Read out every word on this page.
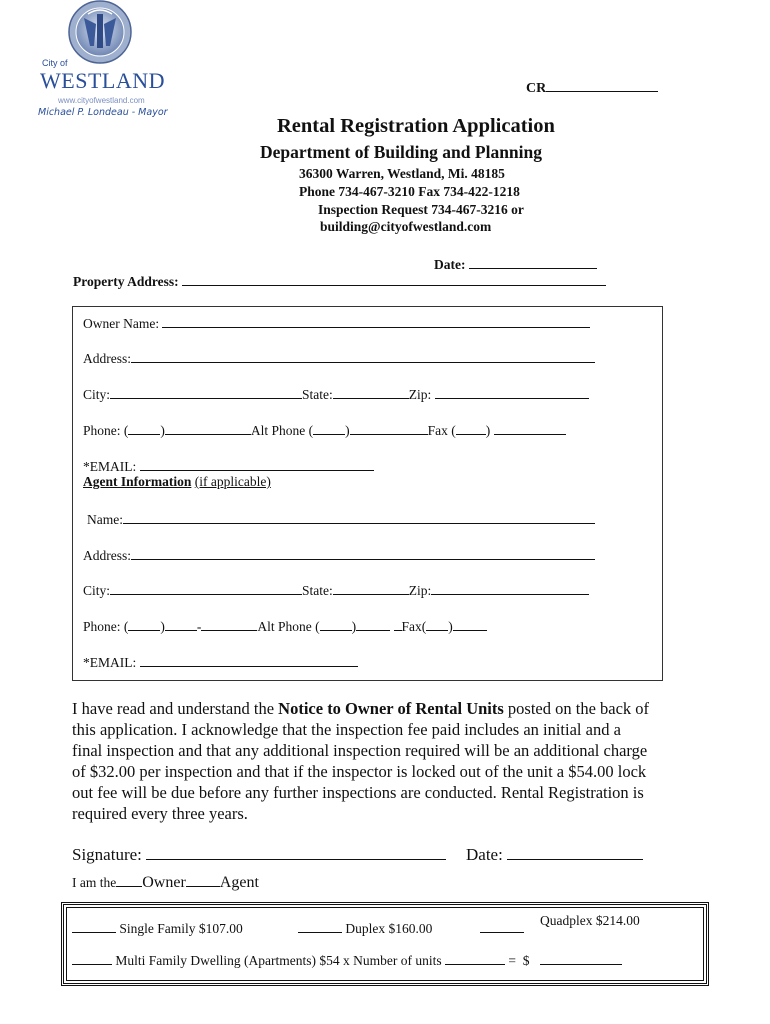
City of
WESTLAND
www.cityofwestland.com
Michael P. Londeau - Mayor
CR
Rental Registration Application
Department of Building and Planning
36300 Warren, Westland, Mi. 48185
Phone 734-467-3210 Fax 734-422-1218
Inspection Request 734-467-3216 or
building@cityofwestland.com
Date:
Property Address:
Owner Name:
Address:
City:	State:	Zip:
Phone: ( )	Alt Phone ( )	Fax ( )
*EMAIL:
Agent Information (if applicable)
Name:
Address:
City:	State:	Zip:
Phone: ( ) -	Alt Phone ( )	Fax( )
*EMAIL:
I have read and understand the Notice to Owner of Rental Units posted on the back of
this application. I acknowledge that the inspection fee paid includes an initial and a
final inspection and that any additional inspection required will be an additional charge
of $32.00 per inspection and that if the inspector is locked out of the unit a $54.00 lock
out fee will be due before any further inspections are conducted. Rental Registration is
required every three years.
Signature:	Date:
I am the Owner Agent
Single Family $107.00	Duplex $160.00
Quadplex $214.00
Multi Family Dwelling (Apartments) $54 x Number of units	= $
